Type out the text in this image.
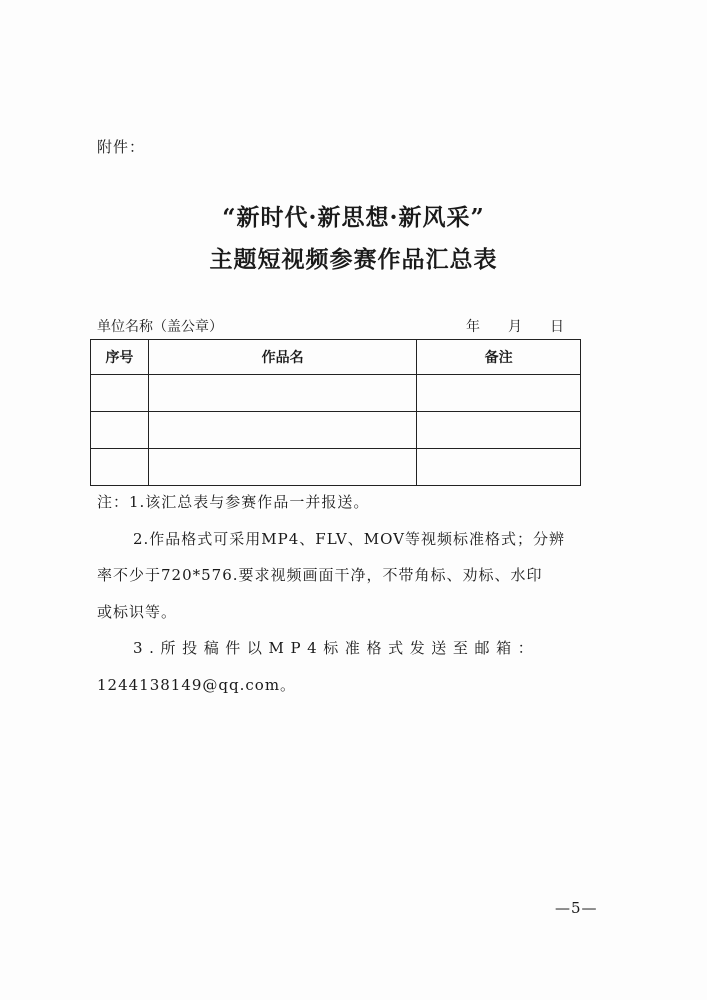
附件：
“新时代·新思想·新风采”
主题短视频参赛作品汇总表
单位名称（盖公章）	年 月 日
序号	作品名	备注

注：1.该汇总表与参赛作品一并报送。
2.作品格式可采用MP4、FLV、MOV等视频标准格式；分辨
率不少于720*576.要求视频画面干净，不带角标、劝标、水印
或标识等。
3.所投稿件以MP4标准格式发送至邮箱：
1244138149@qq.com。
—5—
